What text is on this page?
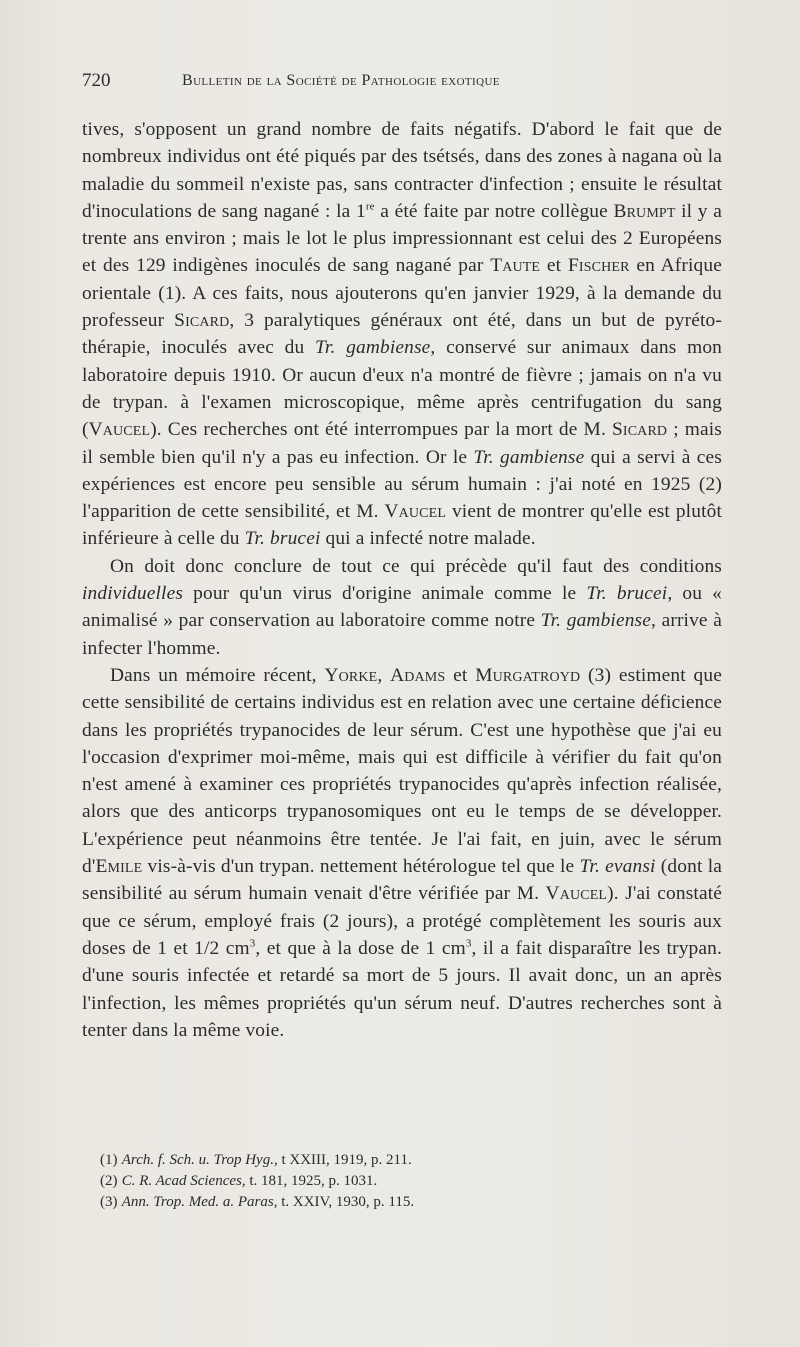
720	Bulletin de la Société de Pathologie exotique

tives, s'opposent un grand nombre de faits négatifs. D'abord le fait que de nombreux individus ont été piqués par des tsétsés, dans des zones à nagana où la maladie du sommeil n'existe pas, sans contracter d'infection ; ensuite le résultat d'inoculations de sang nagané : la 1re a été faite par notre collègue Brumpt il y a trente ans environ ; mais le lot le plus impressionnant est celui des 2 Européens et des 129 indigènes inoculés de sang nagané par Taute et Fischer en Afrique orientale (1). A ces faits, nous ajouterons qu'en janvier 1929, à la demande du professeur Sicard, 3 paralytiques généraux ont été, dans un but de pyréto-thérapie, inoculés avec du Tr. gambiense, conservé sur animaux dans mon laboratoire depuis 1910. Or aucun d'eux n'a montré de fièvre ; jamais on n'a vu de trypan. à l'examen microscopique, même après centrifugation du sang (Vaucel). Ces recherches ont été interrompues par la mort de M. Sicard ; mais il semble bien qu'il n'y a pas eu infection. Or le Tr. gambiense qui a servi à ces expériences est encore peu sensible au sérum humain : j'ai noté en 1925 (2) l'apparition de cette sensibilité, et M. Vaucel vient de montrer qu'elle est plutôt inférieure à celle du Tr. brucei qui a infecté notre malade.

On doit donc conclure de tout ce qui précède qu'il faut des conditions individuelles pour qu'un virus d'origine animale comme le Tr. brucei, ou « animalisé » par conservation au laboratoire comme notre Tr. gambiense, arrive à infecter l'homme.

Dans un mémoire récent, Yorke, Adams et Murgatroyd (3) estiment que cette sensibilité de certains individus est en relation avec une certaine déficience dans les propriétés trypanocides de leur sérum. C'est une hypothèse que j'ai eu l'occasion d'exprimer moi-même, mais qui est difficile à vérifier du fait qu'on n'est amené à examiner ces propriétés trypanocides qu'après infection réalisée, alors que des anticorps trypanosomiques ont eu le temps de se développer. L'expérience peut néanmoins être tentée. Je l'ai fait, en juin, avec le sérum d'Emile vis-à-vis d'un trypan. nettement hétérologue tel que le Tr. evansi (dont la sensibilité au sérum humain venait d'être vérifiée par M. Vaucel). J'ai constaté que ce sérum, employé frais (2 jours), a protégé complètement les souris aux doses de 1 et 1/2 $cm^3$, et que à la dose de 1 $cm^3$, il a fait disparaître les trypan. d'une souris infectée et retardé sa mort de 5 jours. Il avait donc, un an après l'infection, les mêmes propriétés qu'un sérum neuf. D'autres recherches sont à tenter dans la même voie.

(1) Arch. f. Sch. u. Trop Hyg., t XXIII, 1919, p. 211.
(2) C. R. Acad Sciences, t. 181, 1925, p. 1031.
(3) Ann. Trop. Med. a. Paras, t. XXIV, 1930, p. 115.
